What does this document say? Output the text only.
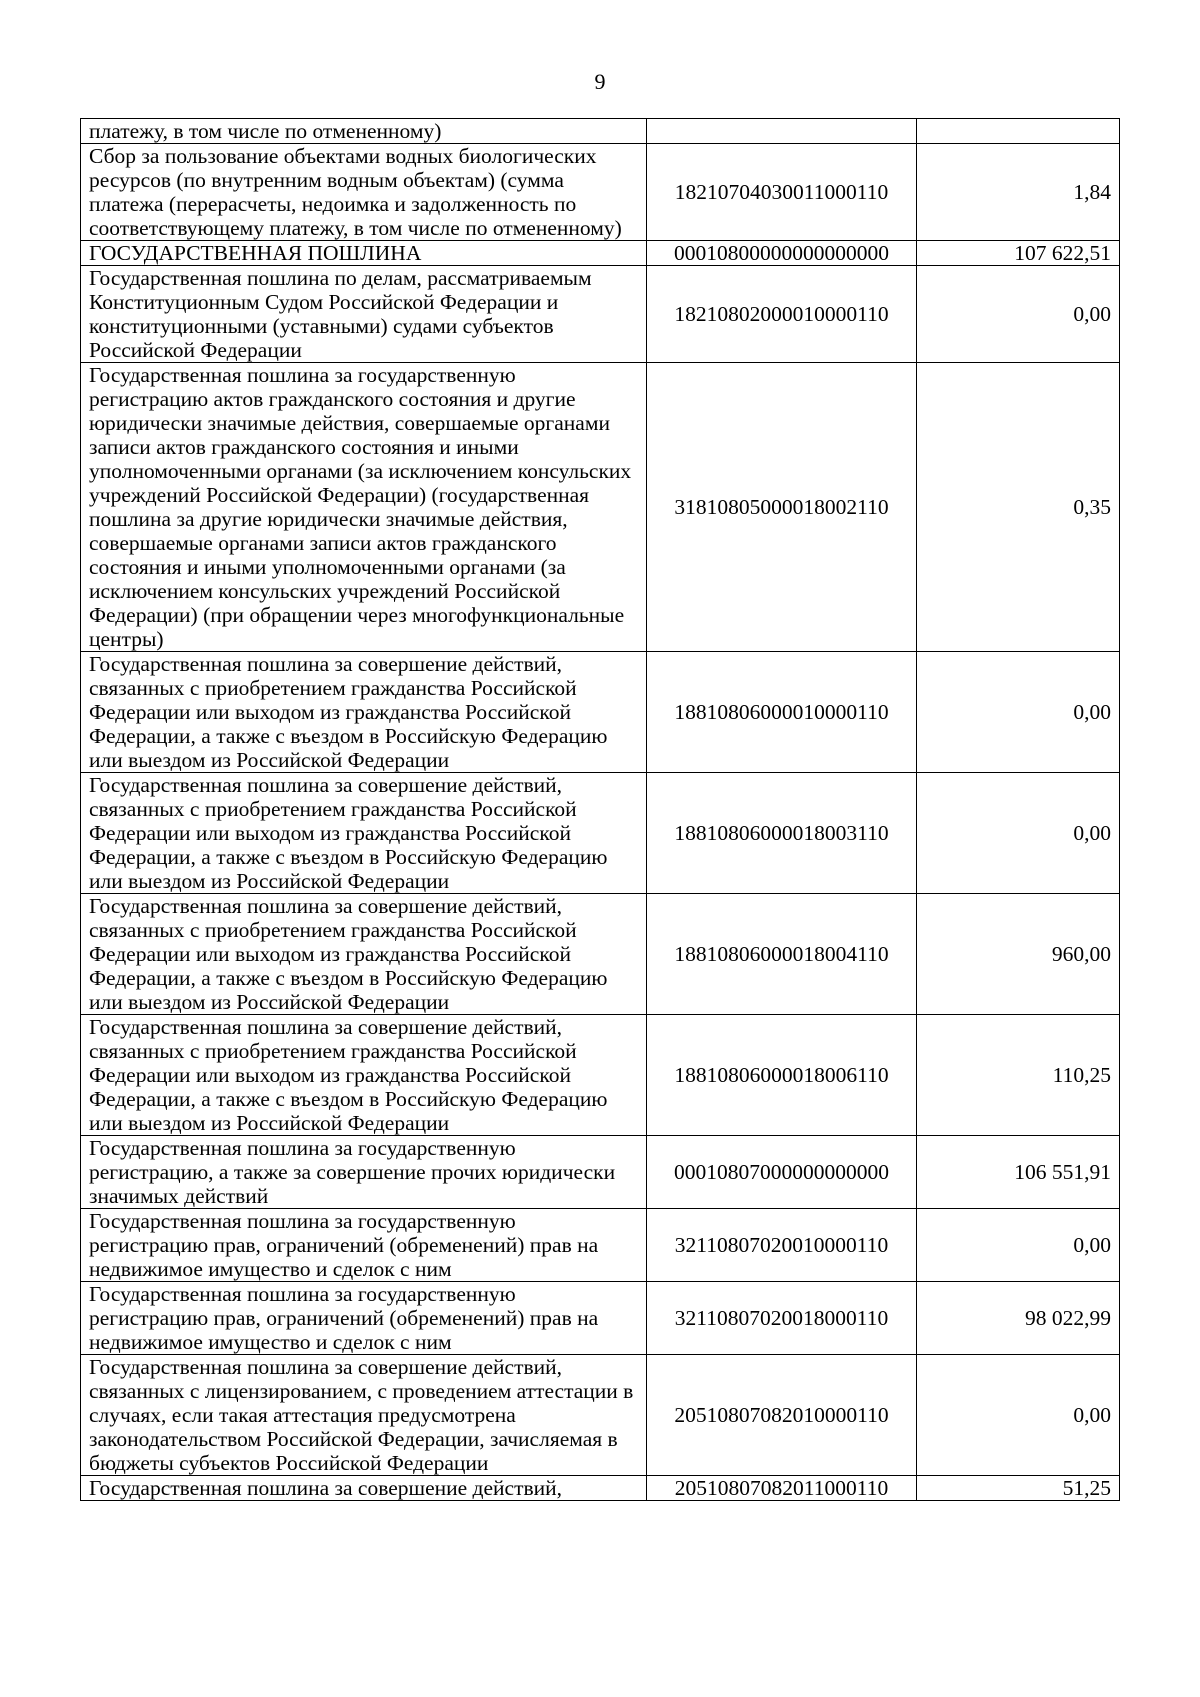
9
платежу, в том числе по отмененному)		
Сбор за пользование объектами водных биологических ресурсов (по внутренним водным объектам) (сумма платежа (перерасчеты, недоимка и задолженность по соответствующему платежу, в том числе по отмененному)	18210704030011000110	1,84
ГОСУДАРСТВЕННАЯ ПОШЛИНА	00010800000000000000	107 622,51
Государственная пошлина по делам, рассматриваемым Конституционным Судом Российской Федерации и конституционными (уставными) судами субъектов Российской Федерации	18210802000010000110	0,00
Государственная пошлина за государственную регистрацию актов гражданского состояния и другие юридически значимые действия, совершаемые органами записи актов гражданского состояния и иными уполномоченными органами (за исключением консульских учреждений Российской Федерации) (государственная пошлина за другие юридически значимые действия, совершаемые органами записи актов гражданского состояния и иными уполномоченными органами (за исключением консульских учреждений Российской Федерации) (при обращении через многофункциональные центры)	31810805000018002110	0,35
Государственная пошлина за совершение действий, связанных с приобретением гражданства Российской Федерации или выходом из гражданства Российской Федерации, а также с въездом в Российскую Федерацию или выездом из Российской Федерации	18810806000010000110	0,00
Государственная пошлина за совершение действий, связанных с приобретением гражданства Российской Федерации или выходом из гражданства Российской Федерации, а также с въездом в Российскую Федерацию или выездом из Российской Федерации	18810806000018003110	0,00
Государственная пошлина за совершение действий, связанных с приобретением гражданства Российской Федерации или выходом из гражданства Российской Федерации, а также с въездом в Российскую Федерацию или выездом из Российской Федерации	18810806000018004110	960,00
Государственная пошлина за совершение действий, связанных с приобретением гражданства Российской Федерации или выходом из гражданства Российской Федерации, а также с въездом в Российскую Федерацию или выездом из Российской Федерации	18810806000018006110	110,25
Государственная пошлина за государственную регистрацию, а также за совершение прочих юридически значимых действий	00010807000000000000	106 551,91
Государственная пошлина за государственную регистрацию прав, ограничений (обременений) прав на недвижимое имущество и сделок с ним	32110807020010000110	0,00
Государственная пошлина за государственную регистрацию прав, ограничений (обременений) прав на недвижимое имущество и сделок с ним	32110807020018000110	98 022,99
Государственная пошлина за совершение действий, связанных с лицензированием, с проведением аттестации в случаях, если такая аттестация предусмотрена законодательством Российской Федерации, зачисляемая в бюджеты субъектов Российской Федерации	20510807082010000110	0,00
Государственная пошлина за совершение действий,	20510807082011000110	51,25
